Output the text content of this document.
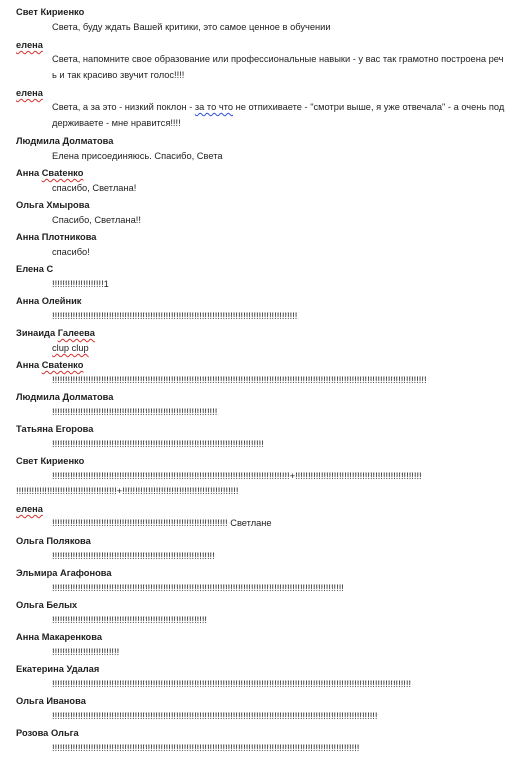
Свет Кириенко
Света, буду ждать Вашей критики, это самое ценное в обучении
елена
Света, напомните свое образование или профессиональные навыки - у вас так грамотно построена речь и так красиво звучит голос!!!!
елена
Света, а за это - низкий поклон - за то что не отпихиваете - "смотри выше, я уже отвечала" - а очень поддерживаете - мне нравится!!!!
Людмила Долматова
Елена присоединяюсь. Спасибо, Света
Анна Свatенко
спасибо, Светлана!
Ольга Хмырова
Спасибо, Светлана!!
Анна Плотникова
спасибо!
Елена С
!!!!!!!!!!!!!!!!!!!!1
Анна Олейник
!!!!!!!!!!!!!!!!!!!!!!!!!!!!!!!!!!!!!!!!!!!!!!!!!!!!!!!!!!!!!!!!!!!!!!!!!!!!!!!!!!!!!!!!!!!!!!!
Зинаида Галеева
clup clup
Анна Свatенко
!!!!!!!!!!!!!!!!!!!!!!!!!!!!!!!!!!!!!!!!!!!!!!!!!!!!!!!!!!!!!!!!!!!!!!!!!!!!!!!!!!!!!!!!!!!!!!!!!!!!!!!!!!!!!!!!!!!!!!!!!!!!!!!!!!!!!!!!!!!!!!!!!
Людмила Долматова
!!!!!!!!!!!!!!!!!!!!!!!!!!!!!!!!!!!!!!!!!!!!!!!!!!!!!!!!!!!!!!!!
Татьяна Егорова
!!!!!!!!!!!!!!!!!!!!!!!!!!!!!!!!!!!!!!!!!!!!!!!!!!!!!!!!!!!!!!!!!!!!!!!!!!!!!!!!!!
Свет Кириенко
!!!!!!!!!!!!!!!!!!!!!!!!!!!!!!!!!!!!!!!!!!!!!!!!!!!!!!!!!!!!!!!!!!!!!!!!!!!!!!!!!!!!!!!!!!!!+!!!!!!!!!!!!!!!!!!!!!!!!!!!!!!!!!!!!!!!!!!!!!!!!!
!!!!!!!!!!!!!!!!!!!!!!!!!!!!!!!!!!!!!!!+!!!!!!!!!!!!!!!!!!!!!!!!!!!!!!!!!!!!!!!!!!!!!
елена
!!!!!!!!!!!!!!!!!!!!!!!!!!!!!!!!!!!!!!!!!!!!!!!!!!!!!!!!!!!!!!!!!!!! Светлане
Ольга Полякова
!!!!!!!!!!!!!!!!!!!!!!!!!!!!!!!!!!!!!!!!!!!!!!!!!!!!!!!!!!!!!!!
Эльмира Агафонова
!!!!!!!!!!!!!!!!!!!!!!!!!!!!!!!!!!!!!!!!!!!!!!!!!!!!!!!!!!!!!!!!!!!!!!!!!!!!!!!!!!!!!!!!!!!!!!!!!!!!!!!!!!!!!!!!!
Ольга Белых
!!!!!!!!!!!!!!!!!!!!!!!!!!!!!!!!!!!!!!!!!!!!!!!!!!!!!!!!!!!!
Анна Макаренкова
!!!!!!!!!!!!!!!!!!!!!!!!!!
Екатерина Удалая
!!!!!!!!!!!!!!!!!!!!!!!!!!!!!!!!!!!!!!!!!!!!!!!!!!!!!!!!!!!!!!!!!!!!!!!!!!!!!!!!!!!!!!!!!!!!!!!!!!!!!!!!!!!!!!!!!!!!!!!!!!!!!!!!!!!!!!!!!!!
Ольга Иванова
!!!!!!!!!!!!!!!!!!!!!!!!!!!!!!!!!!!!!!!!!!!!!!!!!!!!!!!!!!!!!!!!!!!!!!!!!!!!!!!!!!!!!!!!!!!!!!!!!!!!!!!!!!!!!!!!!!!!!!!!!!!!!!
Розова Ольга
!!!!!!!!!!!!!!!!!!!!!!!!!!!!!!!!!!!!!!!!!!!!!!!!!!!!!!!!!!!!!!!!!!!!!!!!!!!!!!!!!!!!!!!!!!!!!!!!!!!!!!!!!!!!!!!!!!!!!!!
